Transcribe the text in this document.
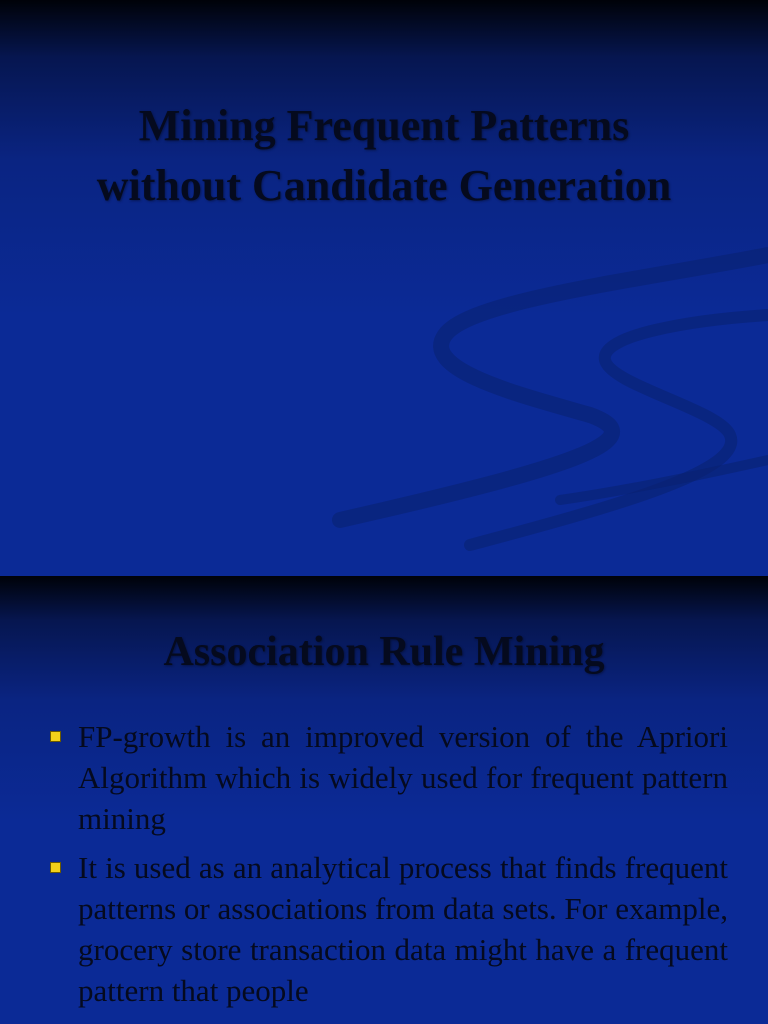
Mining Frequent Patterns
without Candidate Generation
Association Rule Mining
FP-growth is an improved version of the Apriori Algorithm which is widely used for frequent pattern mining
It is used as an analytical process that finds frequent patterns or associations from data sets. For example, grocery store transaction data might have a frequent pattern that people
